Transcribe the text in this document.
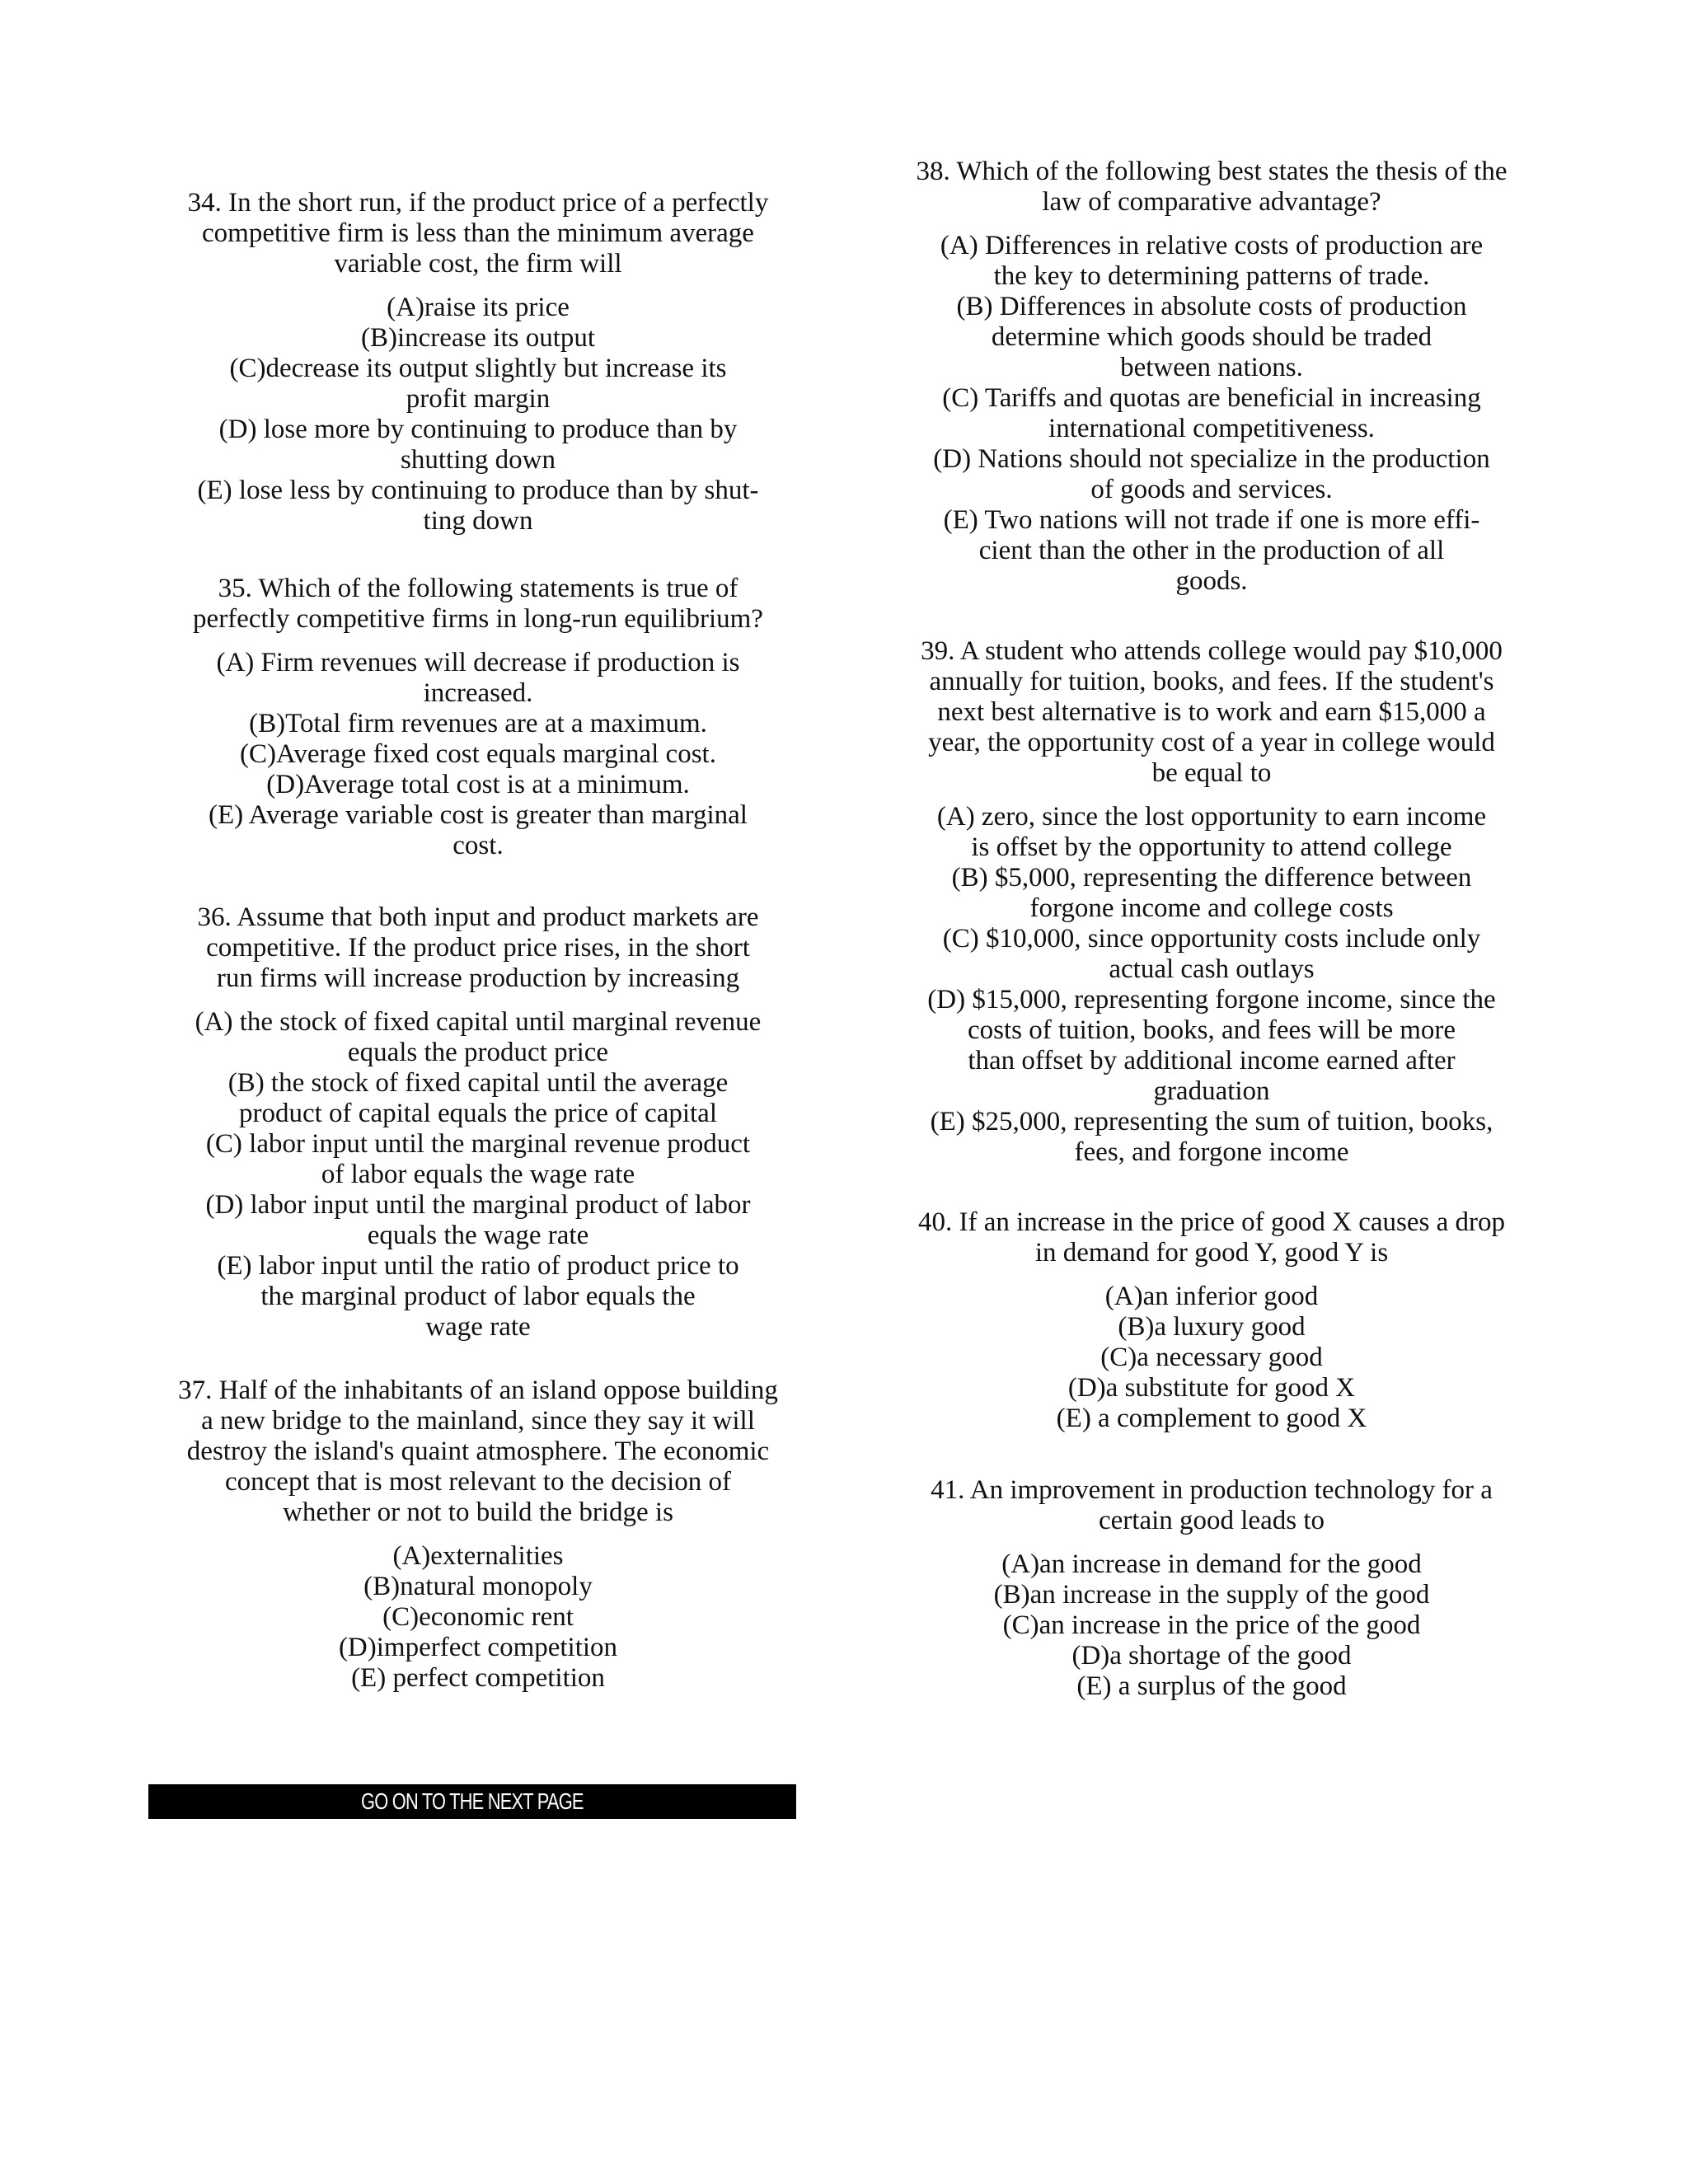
34. In the short run, if the product price of a perfectly
competitive firm is less than the minimum average
variable cost, the firm will
(A)raise its price
(B)increase its output
(C)decrease its output slightly but increase its
profit margin
(D) lose more by continuing to produce than by
shutting down
(E) lose less by continuing to produce than by shut-
ting down
35. Which of the following statements is true of
perfectly competitive firms in long-run equilibrium?
(A) Firm revenues will decrease if production is
increased.
(B)Total firm revenues are at a maximum.
(C)Average fixed cost equals marginal cost.
(D)Average total cost is at a minimum.
(E) Average variable cost is greater than marginal
cost.
36. Assume that both input and product markets are
competitive. If the product price rises, in the short
run firms will increase production by increasing
(A) the stock of fixed capital until marginal revenue
equals the product price
(B) the stock of fixed capital until the average
product of capital equals the price of capital
(C) labor input until the marginal revenue product
of labor equals the wage rate
(D) labor input until the marginal product of labor
equals the wage rate
(E) labor input until the ratio of product price to
the marginal product of labor equals the
wage rate
37. Half of the inhabitants of an island oppose building
a new bridge to the mainland, since they say it will
destroy the island's quaint atmosphere. The economic
concept that is most relevant to the decision of
whether or not to build the bridge is
(A)externalities
(B)natural monopoly
(C)economic rent
(D)imperfect competition
(E) perfect competition
38. Which of the following best states the thesis of the
law of comparative advantage?
(A) Differences in relative costs of production are
the key to determining patterns of trade.
(B) Differences in absolute costs of production
determine which goods should be traded
between nations.
(C) Tariffs and quotas are beneficial in increasing
international competitiveness.
(D) Nations should not specialize in the production
of goods and services.
(E) Two nations will not trade if one is more effi-
cient than the other in the production of all
goods.
39. A student who attends college would pay $10,000
annually for tuition, books, and fees. If the student's
next best alternative is to work and earn $15,000 a
year, the opportunity cost of a year in college would
be equal to
(A) zero, since the lost opportunity to earn income
is offset by the opportunity to attend college
(B) $5,000, representing the difference between
forgone income and college costs
(C) $10,000, since opportunity costs include only
actual cash outlays
(D) $15,000, representing forgone income, since the
costs of tuition, books, and fees will be more
than offset by additional income earned after
graduation
(E) $25,000, representing the sum of tuition, books,
fees, and forgone income
40. If an increase in the price of good X causes a drop
in demand for good Y, good Y is
(A)an inferior good
(B)a luxury good
(C)a necessary good
(D)a substitute for good X
(E) a complement to good X
41. An improvement in production technology for a
certain good leads to
(A)an increase in demand for the good
(B)an increase in the supply of the good
(C)an increase in the price of the good
(D)a shortage of the good
(E) a surplus of the good
GO ON TO THE NEXT PAGE
